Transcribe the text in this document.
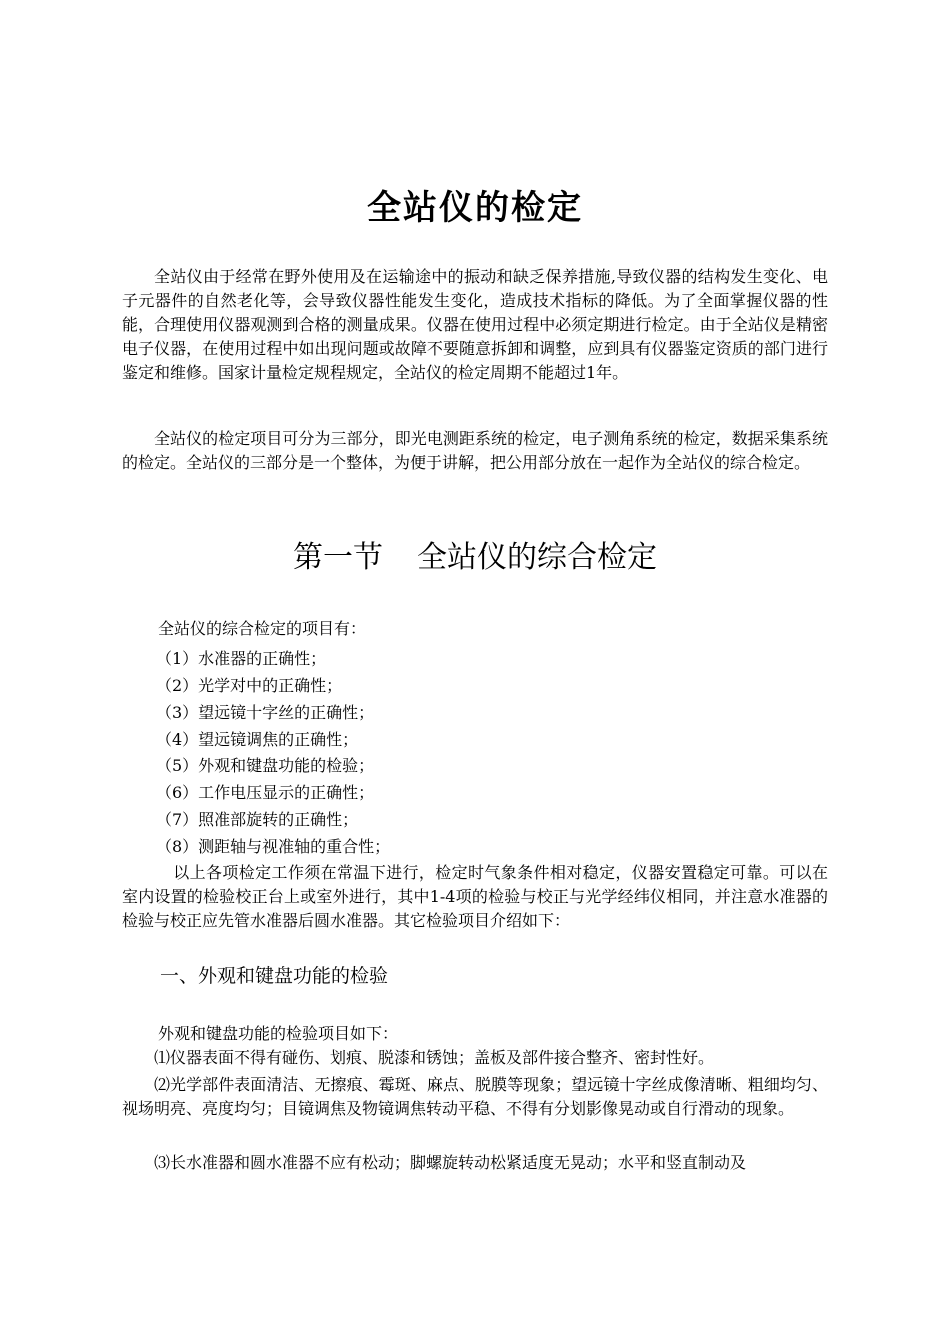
全站仪的检定

全站仪由于经常在野外使用及在运输途中的振动和缺乏保养措施,导致仪器的结构发生变化、电子元器件的自然老化等，会导致仪器性能发生变化，造成技术指标的降低。为了全面掌握仪器的性能，合理使用仪器观测到合格的测量成果。仪器在使用过程中必须定期进行检定。由于全站仪是精密电子仪器，在使用过程中如出现问题或故障不要随意拆卸和调整，应到具有仪器鉴定资质的部门进行鉴定和维修。国家计量检定规程规定，全站仪的检定周期不能超过1年。

全站仪的检定项目可分为三部分，即光电测距系统的检定，电子测角系统的检定，数据采集系统的检定。全站仪的三部分是一个整体，为便于讲解，把公用部分放在一起作为全站仪的综合检定。

第一节 全站仪的综合检定

全站仪的综合检定的项目有：

（1）水准器的正确性；

（2）光学对中的正确性；

（3）望远镜十字丝的正确性；

（4）望远镜调焦的正确性；

（5）外观和键盘功能的检验；

（6）工作电压显示的正确性；

（7）照准部旋转的正确性；

（8）测距轴与视准轴的重合性；

以上各项检定工作须在常温下进行，检定时气象条件相对稳定，仪器安置稳定可靠。可以在室内设置的检验校正台上或室外进行，其中1-4项的检验与校正与光学经纬仪相同，并注意水准器的检验与校正应先管水准器后圆水准器。其它检验项目介绍如下：

一、外观和键盘功能的检验

外观和键盘功能的检验项目如下：

⑴仪器表面不得有碰伤、划痕、脱漆和锈蚀；盖板及部件接合整齐、密封性好。

⑵光学部件表面清洁、无擦痕、霉斑、麻点、脱膜等现象；望远镜十字丝成像清晰、粗细均匀、视场明亮、亮度均匀；目镜调焦及物镜调焦转动平稳、不得有分划影像晃动或自行滑动的现象。

⑶长水准器和圆水准器不应有松动；脚螺旋转动松紧适度无晃动；水平和竖直制动及
